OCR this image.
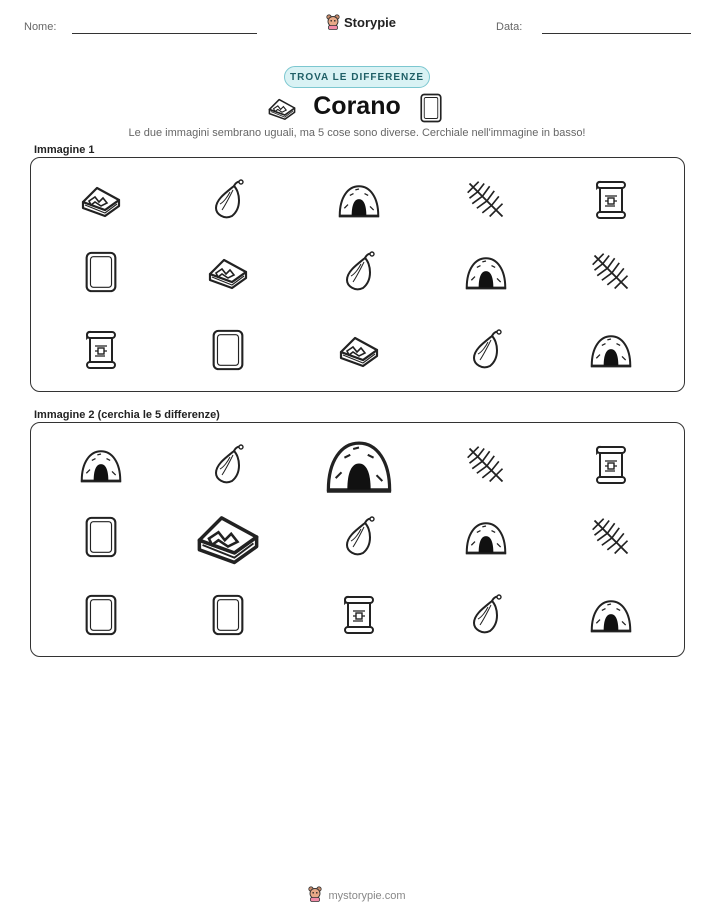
Nome:	Storypie	Data:
TROVA LE DIFFERENZE
Corano
Le due immagini sembrano uguali, ma 5 cose sono diverse. Cerchiale nell'immagine in basso!
Immagine 1
Immagine 2 (cerchia le 5 differenze)
mystorypie.com
